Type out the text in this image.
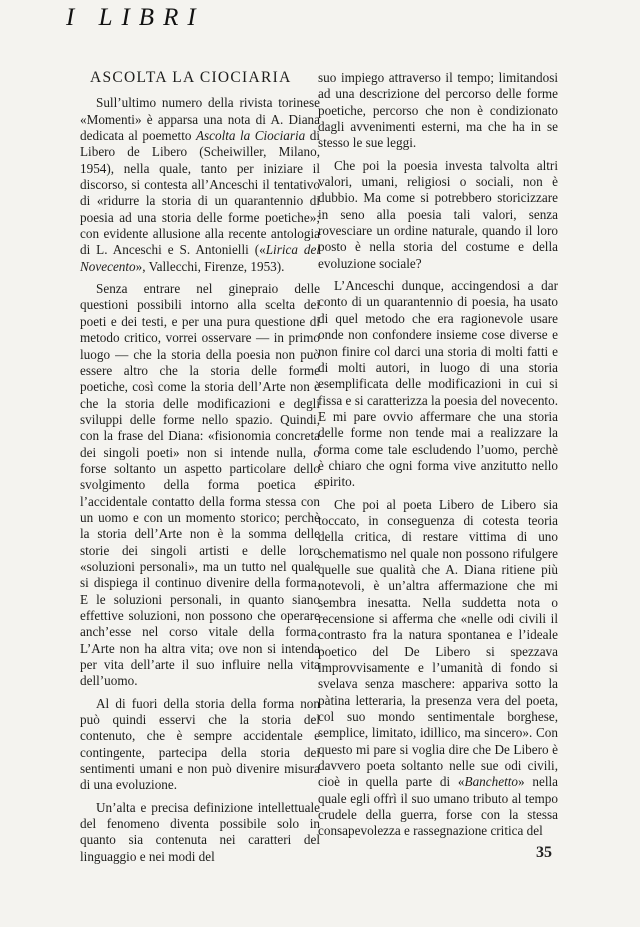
I LIBRI
ASCOLTA LA CIOCIARIA

Sull’ultimo numero della rivista torinese «Momenti» è apparsa una nota di A. Diana dedicata al poemetto Ascolta la Ciociaria di Libero de Libero (Scheiwiller, Milano, 1954), nella quale, tanto per iniziare il discorso, si contesta all’Anceschi il tentativo di «ridurre la storia di un quarantennio di poesia ad una storia delle forme poetiche»; con evidente allusione alla recente antologia di L. Anceschi e S. Antonielli («Lirica del Novecento», Vallecchi, Firenze, 1953).

Senza entrare nel ginepraio delle questioni possibili intorno alla scelta dei poeti e dei testi, e per una pura questione di metodo critico, vorrei osservare — in primo luogo — che la storia della poesia non può essere altro che la storia delle forme poetiche, così come la storia dell’Arte non è che la storia delle modificazioni e degli sviluppi delle forme nello spazio. Quindi, con la frase del Diana: «fisionomia concreta dei singoli poeti» non si intende nulla, o forse soltanto un aspetto particolare dello svolgimento della forma poetica e l’accidentale contatto della forma stessa con un uomo e con un momento storico; perchè la storia dell’Arte non è la somma delle storie dei singoli artisti e delle loro «soluzioni personali», ma un tutto nel quale si dispiega il continuo divenire della forma. E le soluzioni personali, in quanto siano effettive soluzioni, non possono che operare anch’esse nel corso vitale della forma. L’Arte non ha altra vita; ove non si intenda per vita dell’arte il suo influire nella vita dell’uomo.

Al di fuori della storia della forma non può quindi esservi che la storia del contenuto, che è sempre accidentale e contingente, partecipa della storia dei sentimenti umani e non può divenire misura di una evoluzione.

Un’alta e precisa definizione intellettuale del fenomeno diventa possibile solo in quanto sia contenuta nei caratteri del linguaggio e nei modi del

suo impiego attraverso il tempo; limitandosi ad una descrizione del percorso delle forme poetiche, percorso che non è condizionato dagli avvenimenti esterni, ma che ha in se stesso le sue leggi.

Che poi la poesia investa talvolta altri valori, umani, religiosi o sociali, non è dubbio. Ma come si potrebbero storicizzare in seno alla poesia tali valori, senza rovesciare un ordine naturale, quando il loro posto è nella storia del costume e della evoluzione sociale?

L’Anceschi dunque, accingendosi a dar conto di un quarantennio di poesia, ha usato di quel metodo che era ragionevole usare onde non confondere insieme cose diverse e non finire col darci una storia di molti fatti e di molti autori, in luogo di una storia esemplificata delle modificazioni in cui si fissa e si caratterizza la poesia del novecento. E mi pare ovvio affermare che una storia delle forme non tende mai a realizzare la forma come tale escludendo l’uomo, perchè è chiaro che ogni forma vive anzitutto nello spirito.

Che poi al poeta Libero de Libero sia toccato, in conseguenza di cotesta teoria della critica, di restare vittima di uno schematismo nel quale non possono rifulgere quelle sue qualità che A. Diana ritiene più notevoli, è un’altra affermazione che mi sembra inesatta. Nella suddetta nota o recensione si afferma che «nelle odi civili il contrasto fra la natura spontanea e l’ideale poetico del De Libero si spezzava improvvisamente e l’umanità di fondo si svelava senza maschere: appariva sotto la pàtina letteraria, la presenza vera del poeta, col suo mondo sentimentale borghese, semplice, limitato, idillico, ma sincero». Con questo mi pare si voglia dire che De Libero è davvero poeta soltanto nelle sue odi civili, cioè in quella parte di «Banchetto» nella quale egli offrì il suo umano tributo al tempo crudele della guerra, forse con la stessa consapevolezza e rassegnazione critica del

35
